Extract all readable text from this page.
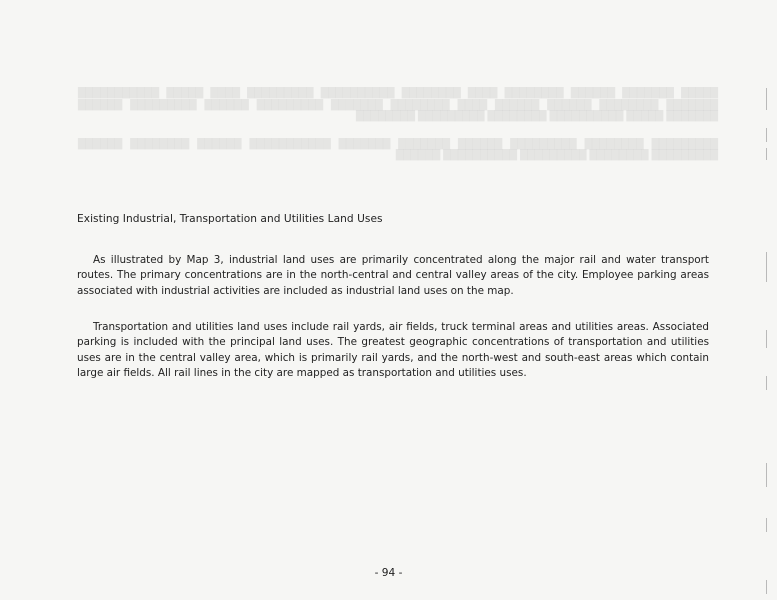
█████ ███████ ██████ ████████ ████ ████████ ██████████ █████████ ████ █████ ███████████ ███████ ████████ ██████ ██████ ████ ████████ ███████ █████████ ██████ █████████ ██████ ███████ █████ ██████████ ████████ █████████ ████████

█████████ ████████ █████████ ██████ ███████ ███████ ███████████ ██████ ████████ ██████ █████████ ████████ █████████ ██████████ ██████

Existing Industrial, Transportation and Utilities Land Uses

As illustrated by Map 3, industrial land uses are primarily concentrated along the major rail and water transport routes. The primary concentrations are in the north-central and central valley areas of the city. Employee parking areas associated with industrial activities are included as industrial land uses on the map.

Transportation and utilities land uses include rail yards, air fields, truck terminal areas and utilities areas. Associated parking is included with the principal land uses. The greatest geographic concentrations of transportation and utilities uses are in the central valley area, which is primarily rail yards, and the north-west and south-east areas which contain large air fields. All rail lines in the city are mapped as transportation and utilities uses.

- 94 -
